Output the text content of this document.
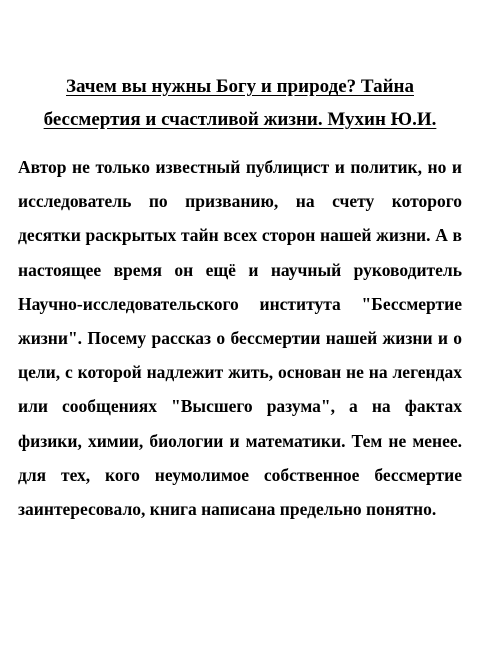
Зачем вы нужны Богу и природе? Тайна бессмертия и счастливой жизни. Мухин Ю.И.

Автор не только известный публицист и политик, но и исследователь по призванию, на счету которого десятки раскрытых тайн всех сторон нашей жизни. А в настоящее время он ещё и научный руководитель Научно-исследовательского института "Бессмертие жизни". Посему рассказ о бессмертии нашей жизни и о цели, с которой надлежит жить, основан не на легендах или сообщениях "Высшего разума", а на фактах физики, химии, биологии и математики. Тем не менее. для тех, кого неумолимое собственное бессмертие заинтересовало, книга написана предельно понятно.
